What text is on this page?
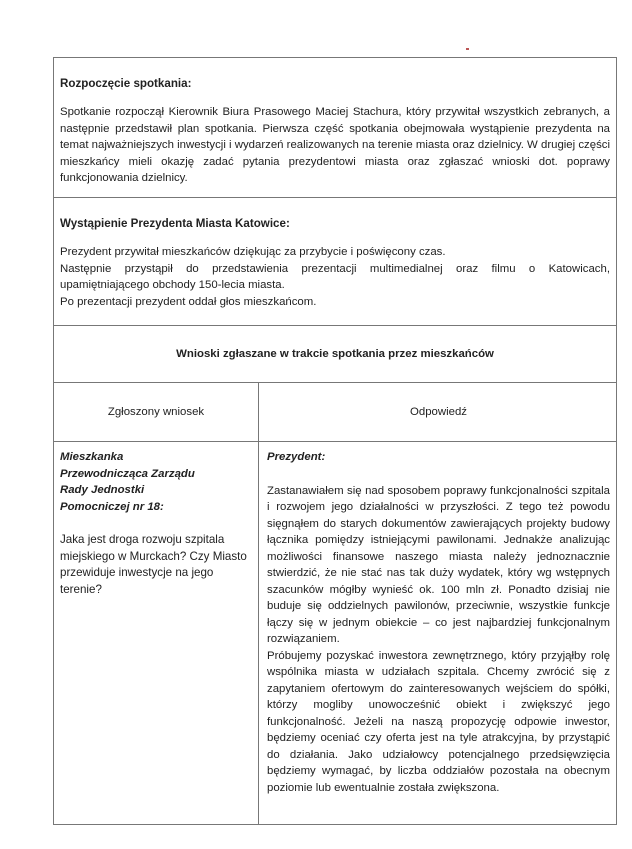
Rozpoczęcie spotkania:

Spotkanie rozpoczął Kierownik Biura Prasowego Maciej Stachura, który przywitał wszystkich zebranych, a następnie przedstawił plan spotkania. Pierwsza część spotkania obejmowała wystąpienie prezydenta na temat najważniejszych inwestycji i wydarzeń realizowanych na terenie miasta oraz dzielnicy. W drugiej części mieszkańcy mieli okazję zadać pytania prezydentowi miasta oraz zgłaszać wnioski dot. poprawy funkcjonowania dzielnicy.

Wystąpienie Prezydenta Miasta Katowice:

Prezydent przywitał mieszkańców dziękując za przybycie i poświęcony czas.

Następnie przystąpił do przedstawienia prezentacji multimedialnej oraz filmu o Katowicach, upamiętniającego obchody 150-lecia miasta.

Po prezentacji prezydent oddał głos mieszkańcom.

Wnioski zgłaszane w trakcie spotkania przez mieszkańców
Zgłoszony wniosek	Odpowiedź
Mieszkanka Przewodnicząca Zarządu Rady Jednostki Pomocniczej nr 18:

Jaka jest droga rozwoju szpitala miejskiego w Murckach? Czy Miasto przewiduje inwestycje na jego terenie?

Prezydent:

Zastanawiałem się nad sposobem poprawy funkcjonalności szpitala i rozwojem jego działalności w przyszłości. Z tego też powodu sięgnąłem do starych dokumentów zawierających projekty budowy łącznika pomiędzy istniejącymi pawilonami. Jednakże analizując możliwości finansowe naszego miasta należy jednoznacznie stwierdzić, że nie stać nas tak duży wydatek, który wg wstępnych szacunków mógłby wynieść ok. 100 mln zł. Ponadto dzisiaj nie buduje się oddzielnych pawilonów, przeciwnie, wszystkie funkcje łączy się w jednym obiekcie – co jest najbardziej funkcjonalnym rozwiązaniem.

Próbujemy pozyskać inwestora zewnętrznego, który przyjąłby rolę wspólnika miasta w udziałach szpitala. Chcemy zwrócić się z zapytaniem ofertowym do zainteresowanych wejściem do spółki, którzy mogliby unowocześnić obiekt i zwiększyć jego funkcjonalność. Jeżeli na naszą propozycję odpowie inwestor, będziemy oceniać czy oferta jest na tyle atrakcyjna, by przystąpić do działania. Jako udziałowcy potencjalnego przedsięwzięcia będziemy wymagać, by liczba oddziałów pozostała na obecnym poziomie lub ewentualnie została zwiększona.
